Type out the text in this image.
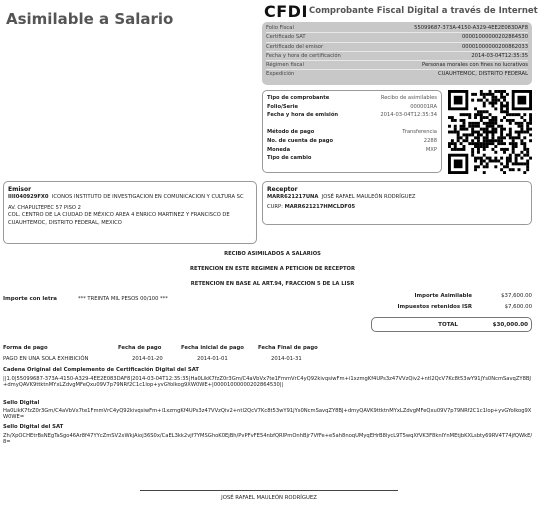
Asimilable a Salario	CFDI Comprobante Fiscal Digital a través de Internet
Folio Fiscal	55099687-373A-4150-A329-4EE2E083DAF8
Certificado SAT	00001000000202864530
Certificado del emisor	00001000000200862033
Fecha y hora de certificación	2014-03-04T12:35:35
Régimen fiscal	Personas morales con fines no lucrativos
Expedición	CUAUHTEMOC, DISTRITO FEDERAL
Tipo de comprobante	Recibo de asimilables
Folio/Serie	000001RA
Fecha y hora de emisión	2014-03-04T12:35:34
Método de pago	Transferencia
No. de cuenta de pago	2288
Moneda	MXP
Tipo de cambio
Emisor
IIII040929FX0 ICONOS INSTITUTO DE INVESTIGACION EN COMUNICACION Y CULTURA SC
AV. CHAPULTEPEC 57 PISO 2
COL. CENTRO DE LA CIUDAD DE MÉXICO AREA 4 ENRICO MARTINEZ Y FRANCISCO DE CUAUHTEMOC, DISTRITO FEDERAL, MEXICO
Receptor
MARR621217UNA JOSÉ RAFAEL MAULEÓN RODRÍGUEZ
CURP: MARR621217HMCLDF05
RECIBO ASIMILADOS A SALARIOS
RETENCION EN ESTE REGIMEN A PETICION DE RECEPTOR
RETENCION EN BASE AL ART.94, FRACCION 5 DE LA LISR
Importe con letra	*** TREINTA MIL PESOS 00/100 ***	Importe Asimilable	$37,600.00
Impuestos retenidos ISR	$7,600.00
TOTAL	$30,000.00
Forma de pago	Fecha de pago	Fecha inicial de pago	Fecha Final de pago
PAGO EN UNA SOLA EXHIBICIÓN	2014-01-20	2014-01-01	2014-01-31
Cadena Original del Complemento de Certificación Digital del SAT
||1.0|55099687-373A-4150-A329-4EE2E083DAF8|2014-03-04T12:35:35|Ha0LikK7fzZ0r3Gm/C4aVbVx7te1FmmVrC4yQ92kivqsiwFm+i1xzmgKf4UPs3z47VVzQiv2+ntl2QcV7Kc8t53wY91jYs0NcmSavqZY8BJ+dmyQAVK9ttktnMYxLZdvgMFeQxu09V7p79NRf2C1c1lop+yvGYoIkog9XW0WE+|00001000000202864530||
Sello Digital
Ha0LikK7fzZ0r3Gm/C4aVbVx7te1FmmVrC4yQ92kivqsiwFm+i1xzmgKf4UPs3z47VVzQiv2+ntl2QcV7Kc8t53wY91jYs0NcmSavqZY8BJ+dmyQAVK9ttktnMYxLZdvgMFeQxu09V7p79NRf2C1c1lop+yvGYoIkog9XW0WE=
Sello Digital del SAT
Zh/XpOCHEtrBsNEgTaSgo46Ar8f47YYcZmSV2xWkjAioj36S0x/CaEL3kk2vjf7YMSGhoK0EjBh/PvPFvFE54nbfQRIPmOnhBjr7VfFe+e5ah8noqUMyqEHrB8lycL9T5wqXfVK3F8knIYnMEtjbKXLsbty69RV4T74jfQWkE/8=
JOSÉ RAFAEL MAULEÓN RODRÍGUEZ
